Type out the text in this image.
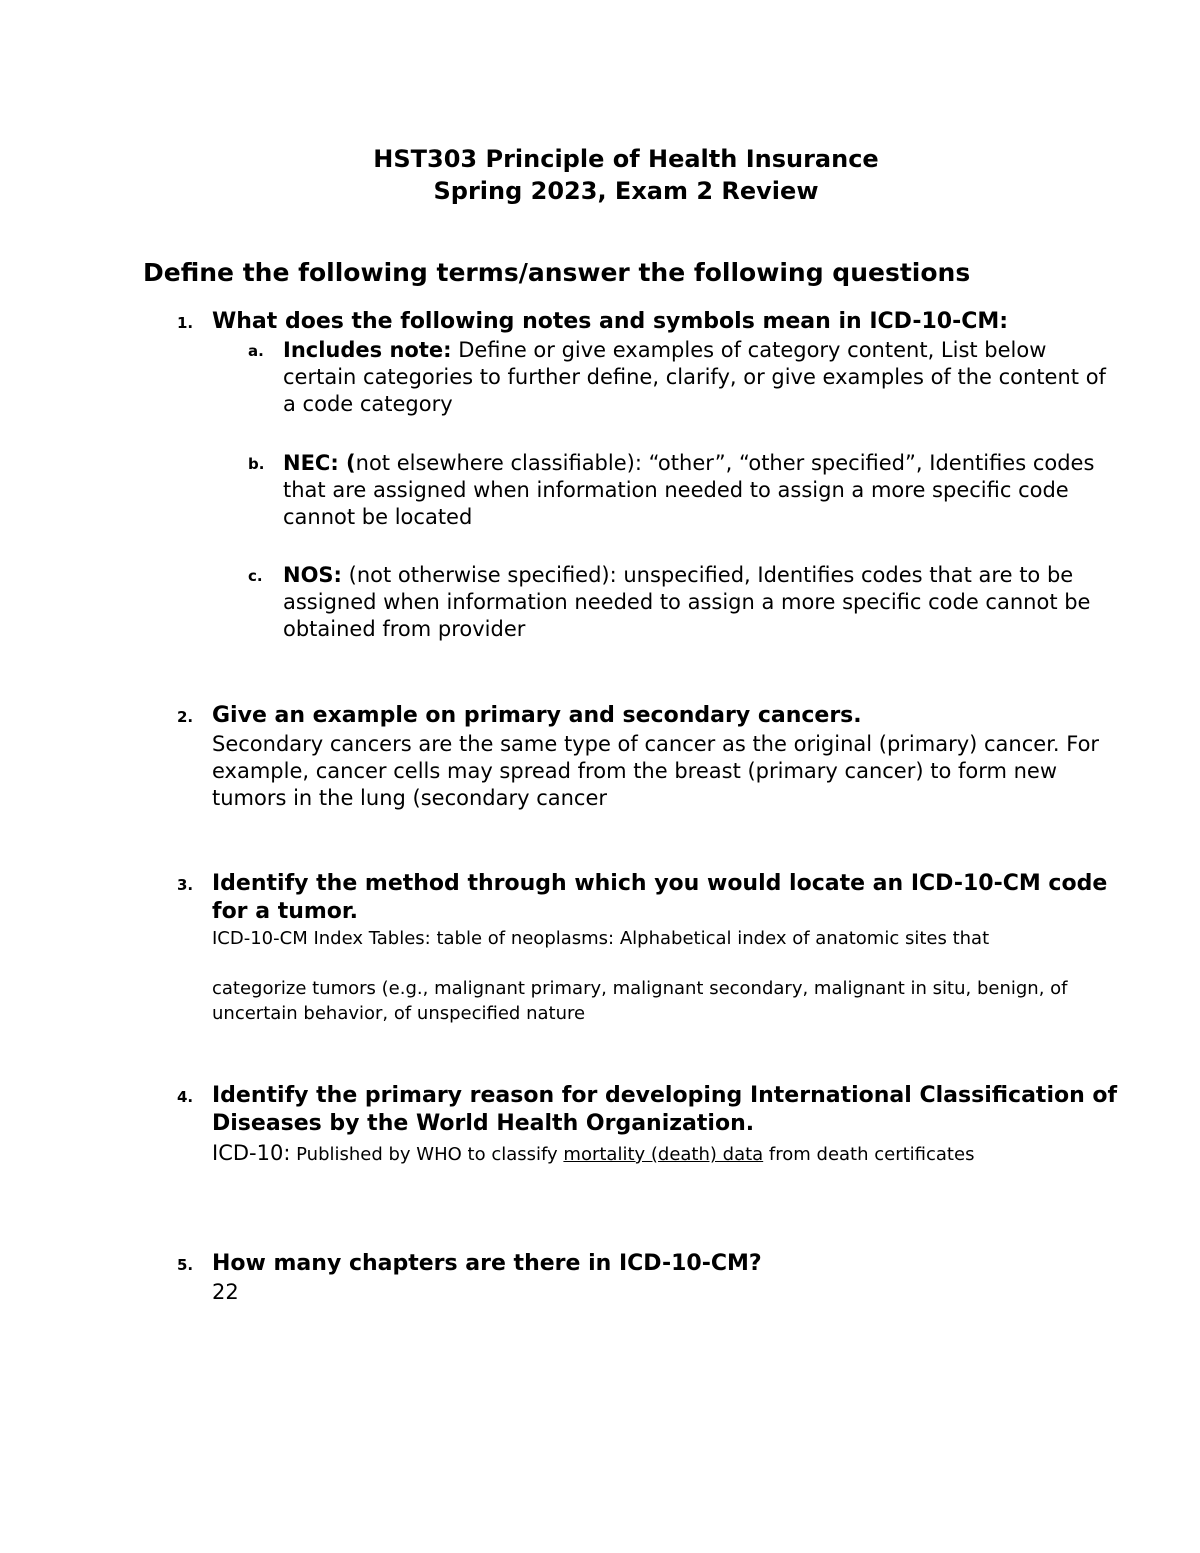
HST303 Principle of Health Insurance
Spring 2023, Exam 2 Review

Define the following terms/answer the following questions

1. What does the following notes and symbols mean in ICD-10-CM:

a. Includes note: Define or give examples of category content, List below certain categories to further define, clarify, or give examples of the content of a code category

b. NEC: (not elsewhere classifiable): “other”, “other specified”, Identifies codes that are assigned when information needed to assign a more specific code cannot be located

c. NOS: (not otherwise specified): unspecified, Identifies codes that are to be assigned when information needed to assign a more specific code cannot be obtained from provider

2. Give an example on primary and secondary cancers.

Secondary cancers are the same type of cancer as the original (primary) cancer. For example, cancer cells may spread from the breast (primary cancer) to form new tumors in the lung (secondary cancer

3. Identify the method through which you would locate an ICD-10-CM code for a tumor.

ICD-10-CM Index Tables: table of neoplasms: Alphabetical index of anatomic sites that

categorize tumors (e.g., malignant primary, malignant secondary, malignant in situ, benign, of uncertain behavior, of unspecified nature

4. Identify the primary reason for developing International Classification of Diseases by the World Health Organization.

ICD-10: Published by WHO to classify mortality (death) data from death certificates

5. How many chapters are there in ICD-10-CM?

22
